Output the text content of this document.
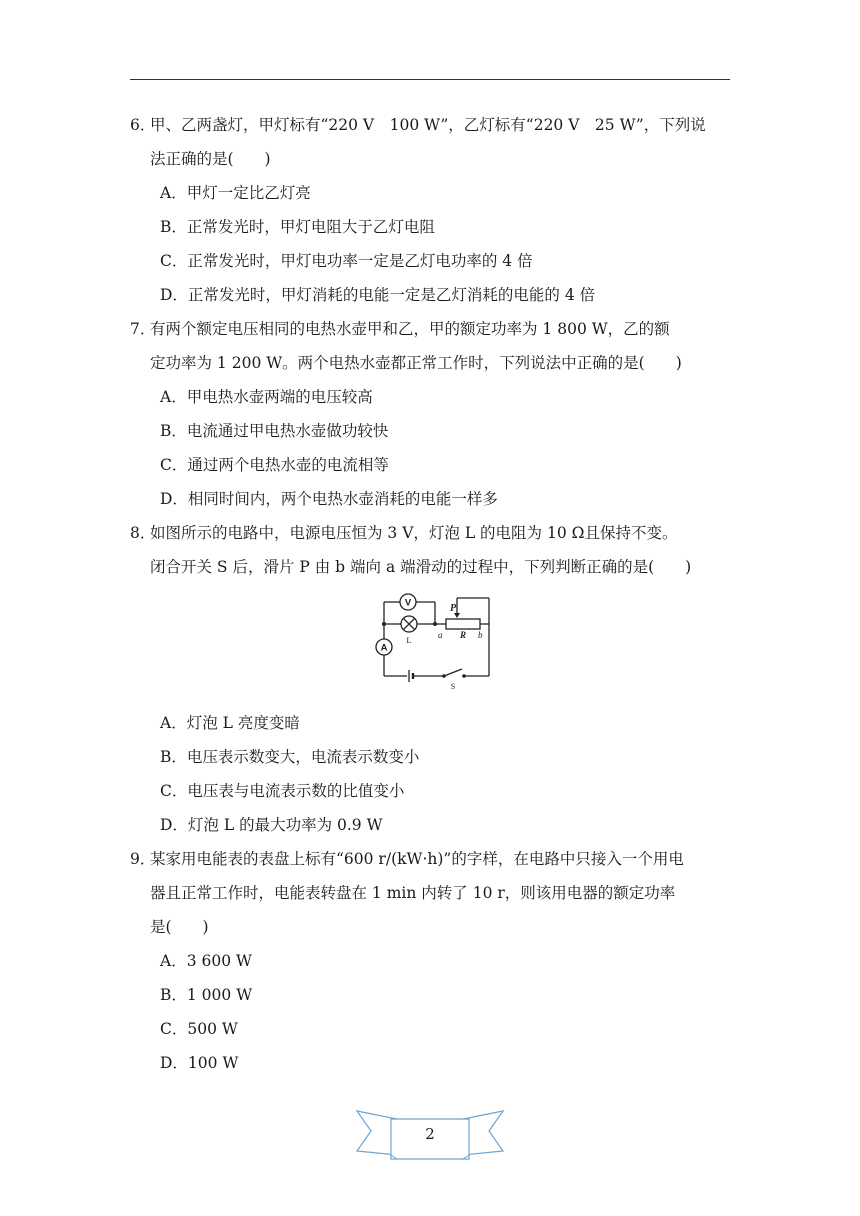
6．甲、乙两盏灯，甲灯标有“220 V　100 W”，乙灯标有“220 V　25 W”，下列说
法正确的是(　　)
A．甲灯一定比乙灯亮
B．正常发光时，甲灯电阻大于乙灯电阻
C．正常发光时，甲灯电功率一定是乙灯电功率的 4 倍
D．正常发光时，甲灯消耗的电能一定是乙灯消耗的电能的 4 倍
7．有两个额定电压相同的电热水壶甲和乙，甲的额定功率为 1 800 W，乙的额
定功率为 1 200 W。两个电热水壶都正常工作时，下列说法中正确的是(　　)
A．甲电热水壶两端的电压较高
B．电流通过甲电热水壶做功较快
C．通过两个电热水壶的电流相等
D．相同时间内，两个电热水壶消耗的电能一样多
8．如图所示的电路中，电源电压恒为 3 V，灯泡 L 的电阻为 10 Ω且保持不变。
闭合开关 S 后，滑片 P 由 b 端向 a 端滑动的过程中，下列判断正确的是(　　)
V
A
L
P
a R b
S
A．灯泡 L 亮度变暗
B．电压表示数变大，电流表示数变小
C．电压表与电流表示数的比值变小
D．灯泡 L 的最大功率为 0.9 W
9．某家用电能表的表盘上标有“600 r/(kW·h)”的字样，在电路中只接入一个用电
器且正常工作时，电能表转盘在 1 min 内转了 10 r，则该用电器的额定功率
是(　　)
A．3 600 W
B．1 000 W
C．500 W
D．100 W
2
